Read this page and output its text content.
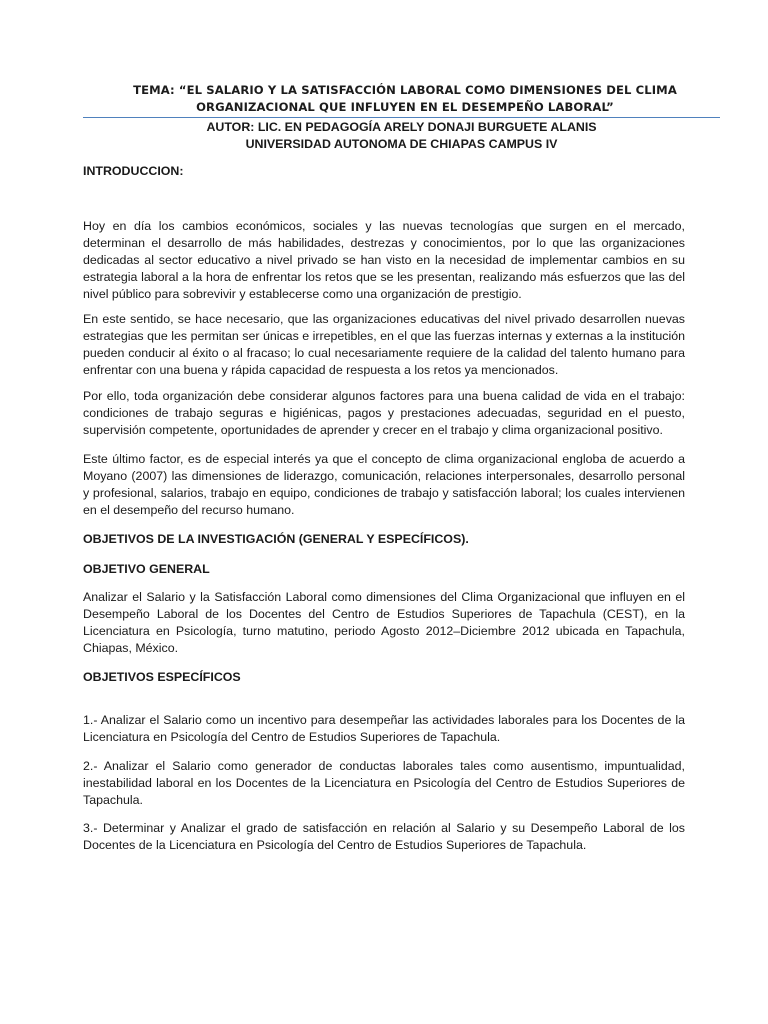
TEMA: “EL SALARIO Y LA SATISFACCIÓN LABORAL COMO DIMENSIONES DEL CLIMA ORGANIZACIONAL QUE INFLUYEN EN EL DESEMPEÑO LABORAL”

AUTOR: LIC. EN PEDAGOGÍA ARELY DONAJI BURGUETE ALANIS

UNIVERSIDAD AUTONOMA DE CHIAPAS CAMPUS IV

INTRODUCCION:

Hoy en día los cambios económicos, sociales y las nuevas tecnologías que surgen en el mercado, determinan el desarrollo de más habilidades, destrezas y conocimientos, por lo que las organizaciones dedicadas al sector educativo a nivel privado se han visto en la necesidad de implementar cambios en su estrategia laboral a la hora de enfrentar los retos que se les presentan, realizando más esfuerzos que las del nivel público para sobrevivir y establecerse como una organización de prestigio.

En este sentido, se hace necesario, que las organizaciones educativas del nivel privado desarrollen nuevas estrategias que les permitan ser únicas e irrepetibles, en el que las fuerzas internas y externas a la institución pueden conducir al éxito o al fracaso; lo cual necesariamente requiere de la calidad del talento humano para enfrentar con una buena y rápida capacidad de respuesta a los retos ya mencionados.

Por ello, toda organización debe considerar algunos factores para una buena calidad de vida en el trabajo: condiciones de trabajo seguras e higiénicas, pagos y prestaciones adecuadas, seguridad en el puesto, supervisión competente, oportunidades de aprender y crecer en el trabajo y clima organizacional positivo.

Este último factor, es de especial interés ya que el concepto de clima organizacional engloba de acuerdo a Moyano (2007) las dimensiones de liderazgo, comunicación, relaciones interpersonales, desarrollo personal y profesional, salarios, trabajo en equipo, condiciones de trabajo y satisfacción laboral; los cuales intervienen en el desempeño del recurso humano.

OBJETIVOS DE LA INVESTIGACIÓN (GENERAL Y ESPECÍFICOS).

OBJETIVO GENERAL

Analizar el Salario y la Satisfacción Laboral como dimensiones del Clima Organizacional que influyen en el Desempeño Laboral de los Docentes del Centro de Estudios Superiores de Tapachula (CEST), en la Licenciatura en Psicología, turno matutino, periodo Agosto 2012–Diciembre 2012 ubicada en Tapachula, Chiapas, México.

OBJETIVOS ESPECÍFICOS

1.- Analizar el Salario como un incentivo para desempeñar las actividades laborales para los Docentes de la Licenciatura en Psicología del Centro de Estudios Superiores de Tapachula.

2.- Analizar el Salario como generador de conductas laborales tales como ausentismo, impuntualidad, inestabilidad laboral en los Docentes de la Licenciatura en Psicología del Centro de Estudios Superiores de Tapachula.

3.- Determinar y Analizar el grado de satisfacción en relación al Salario y su Desempeño Laboral de los Docentes de la Licenciatura en Psicología del Centro de Estudios Superiores de Tapachula.
